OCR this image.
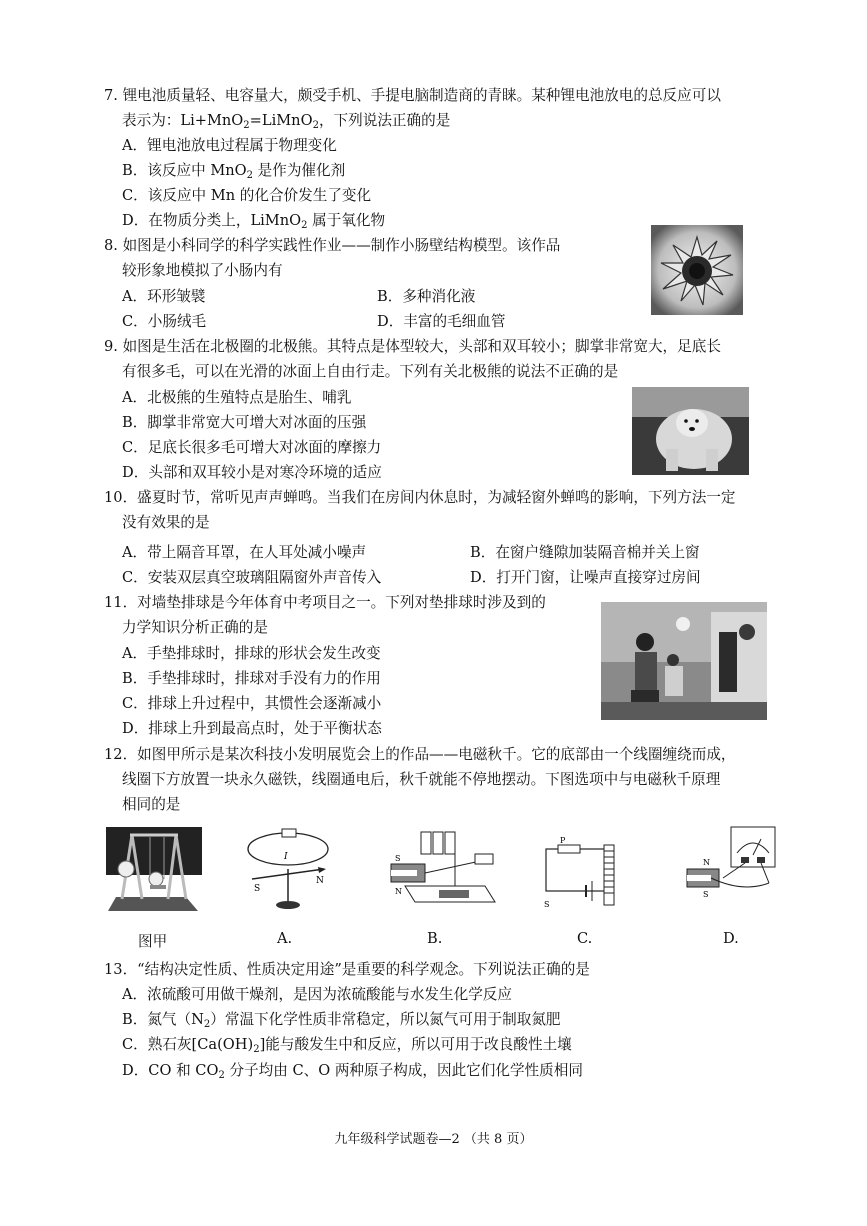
7. 锂电池质量轻、电容量大，颇受手机、手提电脑制造商的青睐。某种锂电池放电的总反应可以
表示为：Li+MnO$_2$=LiMnO$_2$，下列说法正确的是
A．锂电池放电过程属于物理变化
B．该反应中 MnO$_2$ 是作为催化剂
C．该反应中 Mn 的化合价发生了变化
D．在物质分类上，LiMnO$_2$ 属于氧化物
8. 如图是小科同学的科学实践性作业——制作小肠壁结构模型。该作品
较形象地模拟了小肠内有
A．环形皱襞	B．多种消化液
C．小肠绒毛	D．丰富的毛细血管
9. 如图是生活在北极圈的北极熊。其特点是体型较大，头部和双耳较小；脚掌非常宽大，足底长
有很多毛，可以在光滑的冰面上自由行走。下列有关北极熊的说法不正确的是
A．北极熊的生殖特点是胎生、哺乳
B．脚掌非常宽大可增大对冰面的压强
C．足底长很多毛可增大对冰面的摩擦力
D．头部和双耳较小是对寒冷环境的适应
10．盛夏时节，常听见声声蝉鸣。当我们在房间内休息时，为减轻窗外蝉鸣的影响，下列方法一定
没有效果的是
A．带上隔音耳罩，在人耳处减小噪声	B．在窗户缝隙加装隔音棉并关上窗
C．安装双层真空玻璃阻隔窗外声音传入	D．打开门窗，让噪声直接穿过房间
11．对墙垫排球是今年体育中考项目之一。下列对垫排球时涉及到的
力学知识分析正确的是
A．手垫排球时，排球的形状会发生改变
B．手垫排球时，排球对手没有力的作用
C．排球上升过程中，其惯性会逐渐减小
D．排球上升到最高点时，处于平衡状态
12．如图甲所示是某次科技小发明展览会上的作品——电磁秋千。它的底部由一个线圈缠绕而成，
线圈下方放置一块永久磁铁，线圈通电后，秋千就能不停地摆动。下图选项中与电磁秋千原理
相同的是
I
S
N
S
N
P
S
N
S
图甲	A.	B.	C.	D.
13．“结构决定性质、性质决定用途”是重要的科学观念。下列说法正确的是
A．浓硫酸可用做干燥剂，是因为浓硫酸能与水发生化学反应
B．氮气$(N_2)$常温下化学性质非常稳定，所以氮气可用于制取氮肥
C．熟石灰$[Ca(OH)_2]$能与酸发生中和反应，所以可用于改良酸性土壤
D．CO 和 $CO_2$ 分子均由 C、O 两种原子构成，因此它们化学性质相同
九年级科学试题卷—2 （共 8 页）
